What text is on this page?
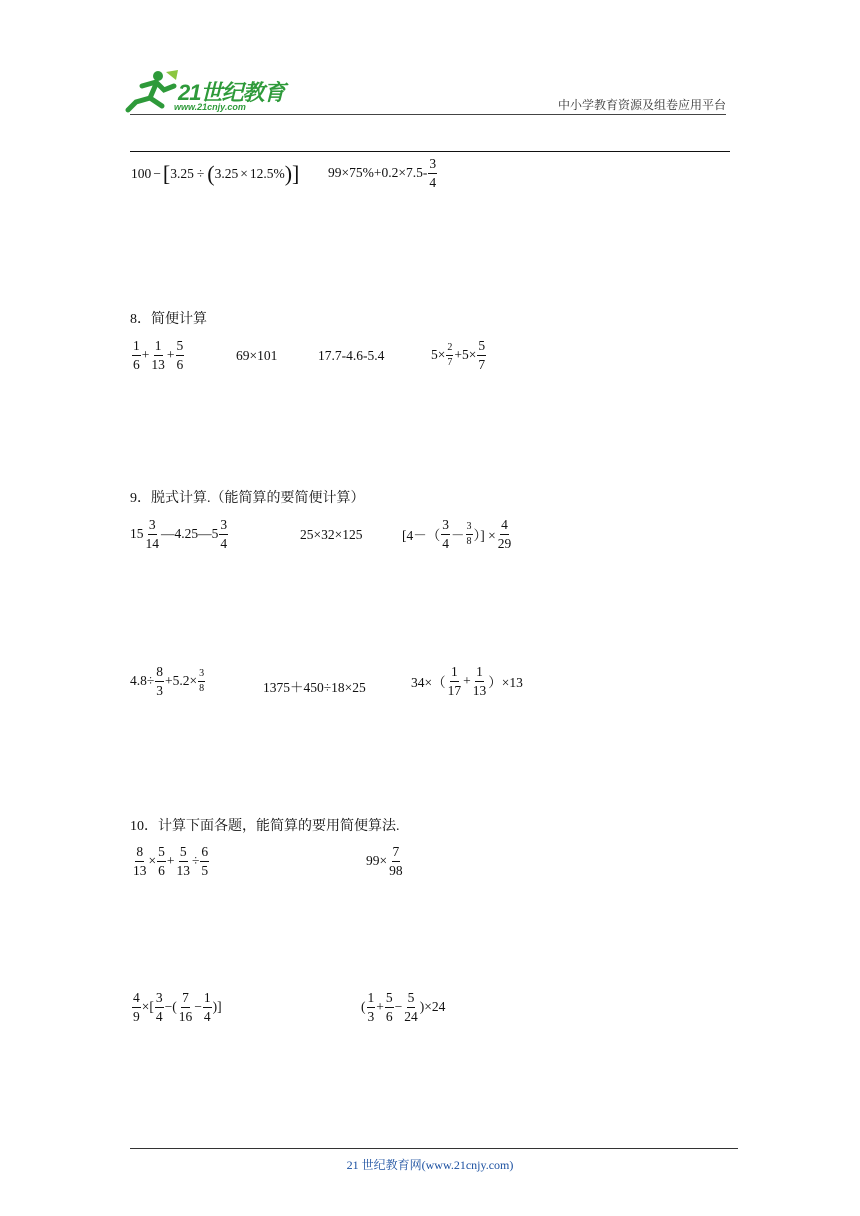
21世纪教育
www.21cnjy.com	中小学教育资源及组卷应用平台
100 − [ 3.25 ÷ ( 3.25 × 12.5% ) ] $99\times 75\%+0.2\times 7.5- \frac{3}{4}$
8．简便计算
$\frac{1}{6} + \frac{1}{13} + \frac{5}{6}$	69×101	17.7-4.6-5.4	$5\times \frac{2}{7} +5\times \frac{5}{7}$
9．脱式计算.（能简算的要简便计算）
$15 \frac{3}{14}$ —4.25—5 $\frac{3}{4}$	25×32×125	[$4-( \frac{3}{4} - \frac{3}{8}$ ）] × $\frac{4}{29}$
$4.8\div \frac{8}{3} +5.2\times \frac{3}{8}$	1375＋450÷18×25	$34\times( \frac{1}{17} + \frac{1}{13} )\times 13$
10．计算下面各题，能简算的要用简便算法.
$\frac{8}{13} \times \frac{5}{6} + \frac{5}{13} \div \frac{6}{5}$	$99\times \frac{7}{98}$
$\frac{4}{9}$ ×[ $\frac{3}{4}$ −( $\frac{7}{16} - \frac{1}{4}$ )]	( $\frac{1}{3} + \frac{5}{6} - \frac{5}{24} )\times 24$
21 世纪教育网(www.21cnjy.com)
